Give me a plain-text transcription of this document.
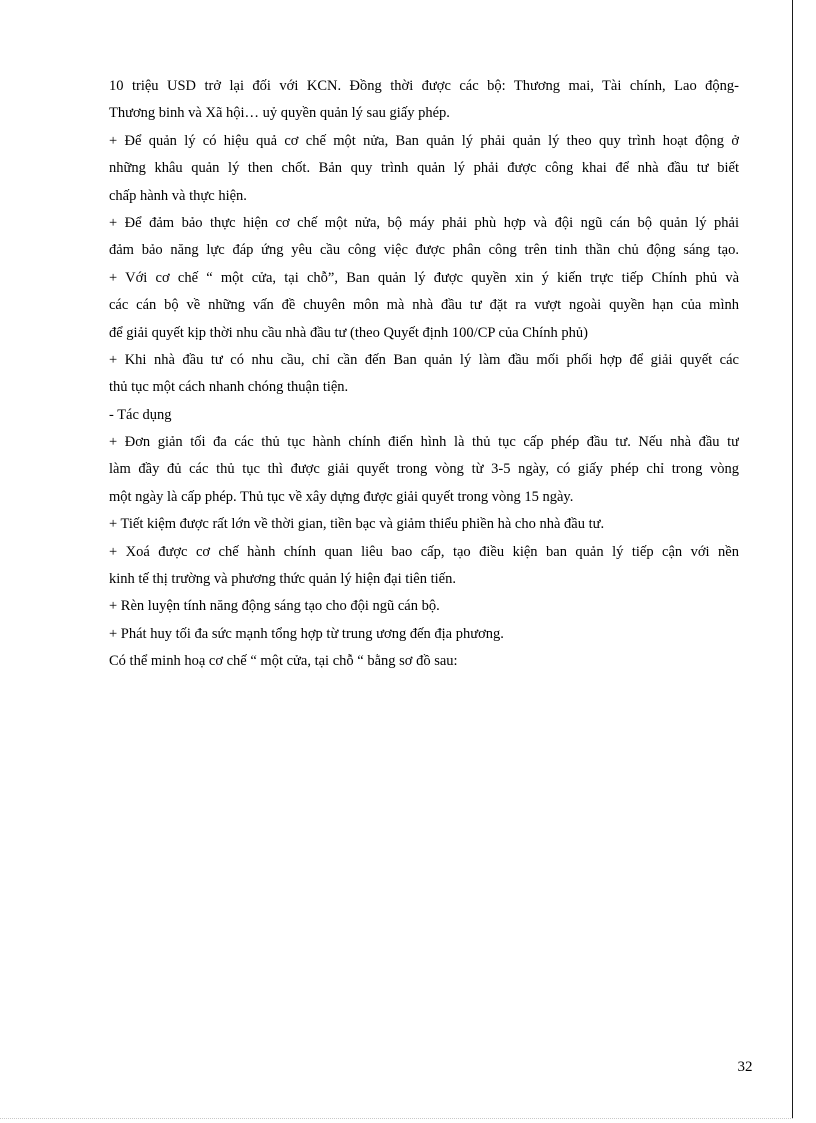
10 triệu USD trở lại đối với KCN. Đồng thời được các bộ: Thương mai, Tài chính, Lao động-
Thương binh và Xã hội… uỷ quyền quản lý sau giấy phép.
+ Để quản lý có hiệu quả cơ chế một nửa, Ban quản lý phải quản lý theo quy trình hoạt động ở
những khâu quản lý then chốt. Bản quy trình quản lý phải được công khai để nhà đầu tư biết
chấp hành và thực hiện.
+ Để đảm bảo thực hiện cơ chế một nửa, bộ máy phải phù hợp và đội ngũ cán bộ quản lý phải
đảm bảo năng lực đáp ứng yêu cầu công việc được phân công trên tinh thần chủ động sáng tạo.
+ Với cơ chế “ một cửa, tại chỗ”, Ban quản lý được quyền xin ý kiến trực tiếp Chính phủ và
các cán bộ về những vấn đề chuyên môn mà nhà đầu tư đặt ra vượt ngoài quyền hạn của mình
để giải quyết kịp thời nhu cầu nhà đầu tư (theo Quyết định 100/CP của Chính phủ)
+ Khi nhà đầu tư có nhu cầu, chỉ cần đến Ban quản lý làm đầu mối phối hợp để giải quyết các
thủ tục một cách nhanh chóng thuận tiện.
- Tác dụng
+ Đơn giản tối đa các thủ tục hành chính điển hình là thủ tục cấp phép đầu tư. Nếu nhà đầu tư
làm đầy đủ các thủ tục thì được giải quyết trong vòng từ 3-5 ngày, có giấy phép chỉ trong vòng
một ngày là cấp phép. Thủ tục về xây dựng được giải quyết trong vòng 15 ngày.
+ Tiết kiệm được rất lớn về thời gian, tiền bạc và giảm thiểu phiền hà cho nhà đầu tư.
+ Xoá được cơ chế hành chính quan liêu bao cấp, tạo điều kiện ban quản lý tiếp cận với nền
kinh tế thị trường và phương thức quản lý hiện đại tiên tiến.
+ Rèn luyện tính năng động sáng tạo cho đội ngũ cán bộ.
+ Phát huy tối đa sức mạnh tổng hợp từ trung ương đến địa phương.
Có thể minh hoạ cơ chế “ một cửa, tại chỗ “ bằng sơ đồ sau:
32
